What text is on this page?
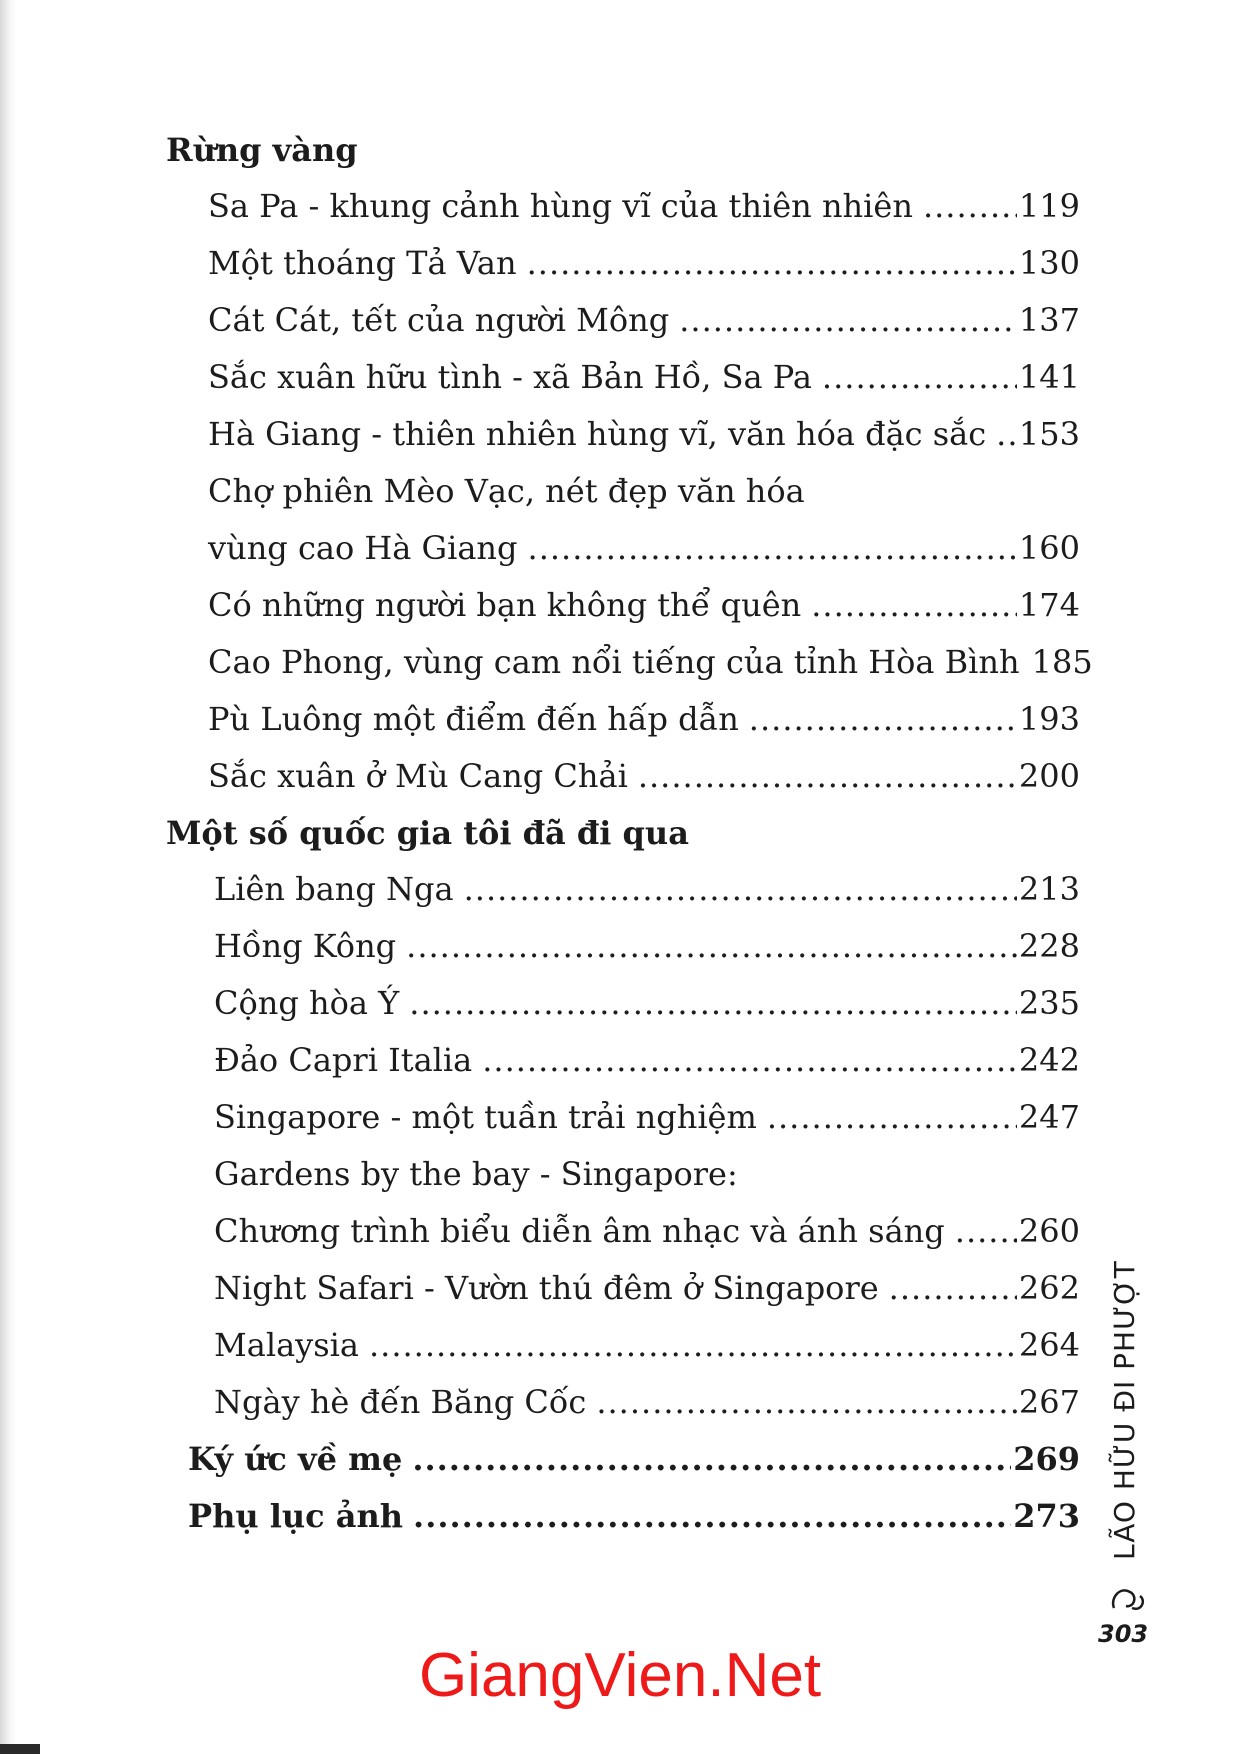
Rừng vàng
Sa Pa - khung cảnh hùng vĩ của thiên nhiên .....	119
Một thoáng Tả Van .....	130
Cát Cát, tết của người Mông .....	137
Sắc xuân hữu tình - xã Bản Hồ, Sa Pa .....	141
Hà Giang - thiên nhiên hùng vĩ, văn hóa đặc sắc ..... 153
Chợ phiên Mèo Vạc, nét đẹp văn hóa
vùng cao Hà Giang .....	160
Có những người bạn không thể quên .....	174
Cao Phong, vùng cam nổi tiếng của tỉnh Hòa Bình 185
Pù Luông một điểm đến hấp dẫn .....	193
Sắc xuân ở Mù Cang Chải .....	200
Một số quốc gia tôi đã đi qua
Liên bang Nga .....	213
Hồng Kông .....	228
Cộng hòa Ý .....	235
Đảo Capri Italia .....	242
Singapore - một tuần trải nghiệm .....	247
Gardens by the bay - Singapore:
Chương trình biểu diễn âm nhạc và ánh sáng ..... 260
Night Safari - Vườn thú đêm ở Singapore .....	262
Malaysia .....	264
Ngày hè đến Băng Cốc .....	267
Ký ức về mẹ .....	269
Phụ lục ảnh .....	273 LÃO HỮU ĐI PHƯỢT
303
GiangVien.Net
